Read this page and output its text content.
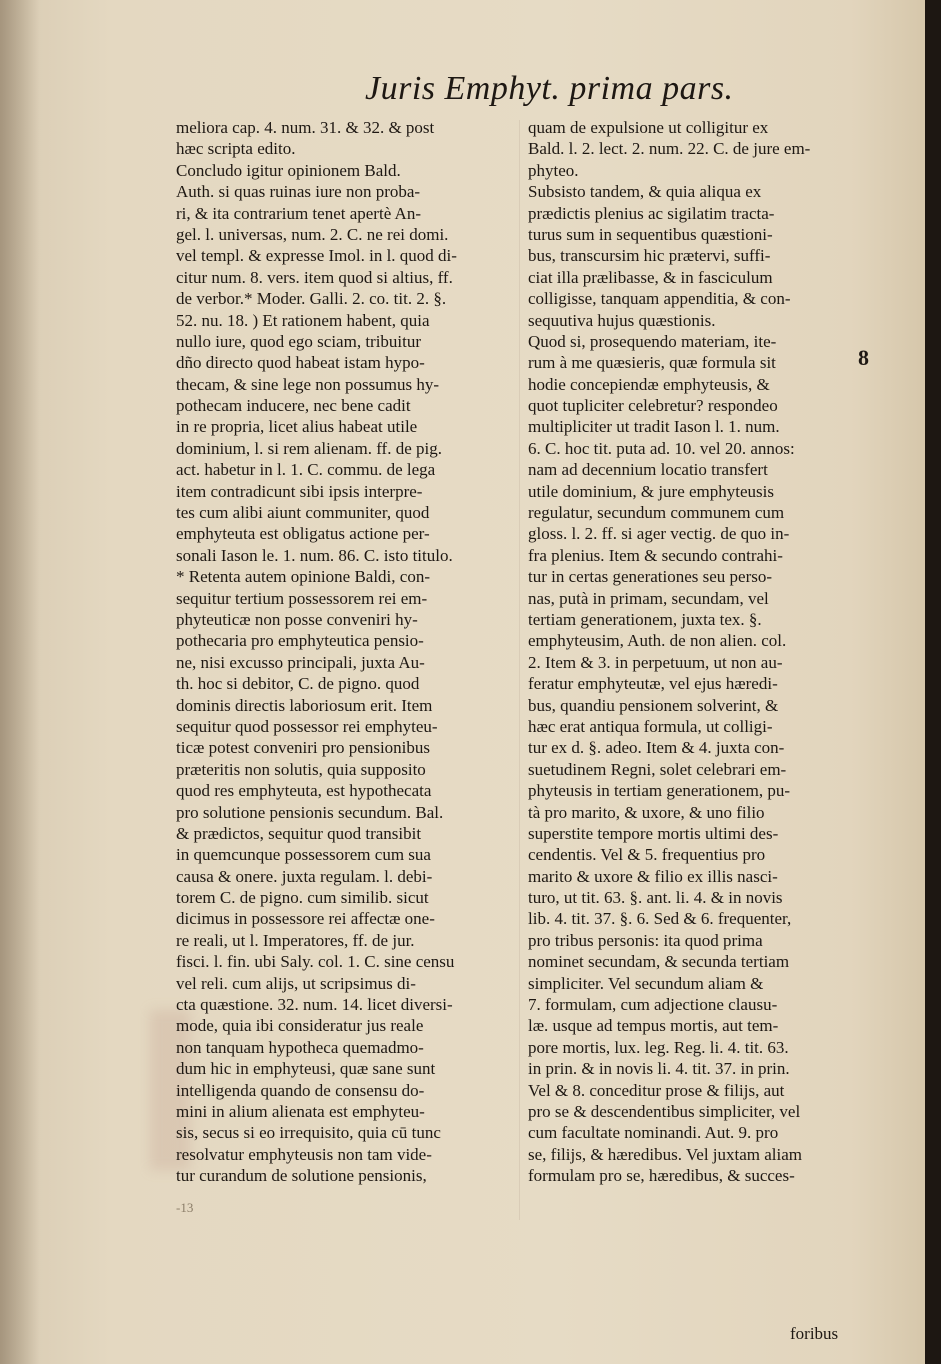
Juris Emphyt. prima pars.
meliora cap. 4. num. 31. & 32. & post
hæc scripta edito.
Concludo igitur opinionem Bald.
Auth. si quas ruinas iure non proba-
ri, & ita contrarium tenet apertè An-
gel. l. universas, num. 2. C. ne rei domi.
vel templ. & expresse Imol. in l. quod di-
citur num. 8. vers. item quod si altius, ff.
de verbor.* Moder. Galli. 2. co. tit. 2. §.
52. nu. 18. ) Et rationem habent, quia
nullo iure, quod ego sciam, tribuitur
dño directo quod habeat istam hypo-
thecam, & sine lege non possumus hy-
pothecam inducere, nec bene cadit
in re propria, licet alius habeat utile
dominium, l. si rem alienam. ff. de pig.
act. habetur in l. 1. C. commu. de lega
item contradicunt sibi ipsis interpre-
tes cum alibi aiunt communiter, quod
emphyteuta est obligatus actione per-
sonali Iason le. 1. num. 86. C. isto titulo.
* Retenta autem opinione Baldi, con-
sequitur tertium possessorem rei em-
phyteuticæ non posse conveniri hy-
pothecaria pro emphyteutica pensio-
ne, nisi excusso principali, juxta Au-
th. hoc si debitor, C. de pigno. quod
dominis directis laboriosum erit. Item
sequitur quod possessor rei emphyteu-
ticæ potest conveniri pro pensionibus
præteritis non solutis, quia supposito
quod res emphyteuta, est hypothecata
pro solutione pensionis secundum. Bal.
& prædictos, sequitur quod transibit
in quemcunque possessorem cum sua
causa & onere. juxta regulam. l. debi-
torem C. de pigno. cum similib. sicut
dicimus in possessore rei affectæ one-
re reali, ut l. Imperatores, ff. de jur.
fisci. l. fin. ubi Saly. col. 1. C. sine censu
vel reli. cum alijs, ut scripsimus di-
cta quæstione. 32. num. 14. licet diversi-
mode, quia ibi consideratur jus reale
non tanquam hypotheca quemadmo-
dum hic in emphyteusi, quæ sane sunt
intelligenda quando de consensu do-
mini in alium alienata est emphyteu-
sis, secus si eo irrequisito, quia cū tunc
resolvatur emphyteusis non tam vide-
tur curandum de solutione pensionis,
quam de expulsione ut colligitur ex
Bald. l. 2. lect. 2. num. 22. C. de jure em-
phyteo.
Subsisto tandem, & quia aliqua ex
prædictis plenius ac sigilatim tracta-
turus sum in sequentibus quæstioni-
bus, transcursim hic prætervi, suffi-
ciat illa prælibasse, & in fasciculum
colligisse, tanquam appenditia, & con-
sequutiva hujus quæstionis.
Quod si, prosequendo materiam, ite-
rum à me quæsieris, quæ formula sit
hodie concepiendæ emphyteusis, &
quot tupliciter celebretur? respondeo
multipliciter ut tradit Iason l. 1. num.
6. C. hoc tit. puta ad. 10. vel 20. annos:
nam ad decennium locatio transfert
utile dominium, & jure emphyteusis
regulatur, secundum communem cum
gloss. l. 2. ff. si ager vectig. de quo in-
fra plenius. Item & secundo contrahi-
tur in certas generationes seu perso-
nas, putà in primam, secundam, vel
tertiam generationem, juxta tex. §.
emphyteusim, Auth. de non alien. col.
2. Item & 3. in perpetuum, ut non au-
feratur emphyteutæ, vel ejus hæredi-
bus, quandiu pensionem solverint, &
hæc erat antiqua formula, ut colligi-
tur ex d. §. adeo. Item & 4. juxta con-
suetudinem Regni, solet celebrari em-
phyteusis in tertiam generationem, pu-
tà pro marito, & uxore, & uno filio
superstite tempore mortis ultimi des-
cendentis. Vel & 5. frequentius pro
marito & uxore & filio ex illis nasci-
turo, ut tit. 63. §. ant. li. 4. & in novis
lib. 4. tit. 37. §. 6. Sed & 6. frequenter,
pro tribus personis: ita quod prima
nominet secundam, & secunda tertiam
simpliciter. Vel secundum aliam &
7. formulam, cum adjectione clausu-
læ. usque ad tempus mortis, aut tem-
pore mortis, lux. leg. Reg. li. 4. tit. 63.
in prin. & in novis li. 4. tit. 37. in prin.
Vel & 8. conceditur prose & filijs, aut
pro se & descendentibus simpliciter, vel
cum facultate nominandi. Aut. 9. pro
se, filijs, & hæredibus. Vel juxtam aliam
formulam pro se, hæredibus, & succes-
8
-13
foribus
